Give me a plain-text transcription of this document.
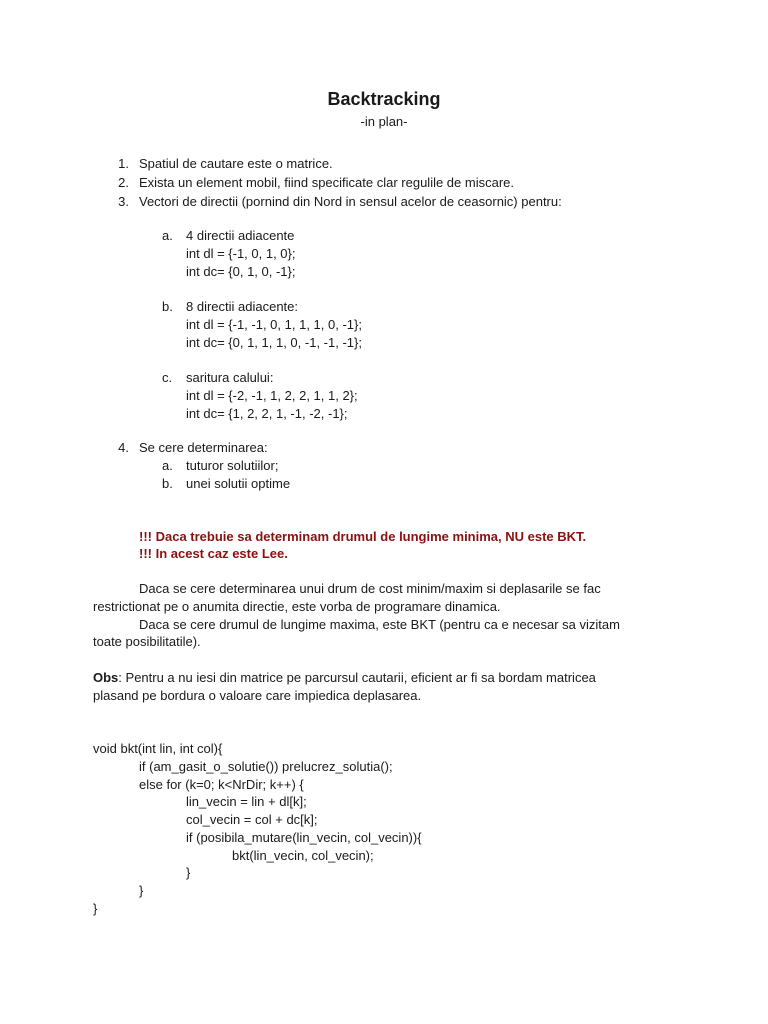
Backtracking
-in plan-
1. Spatiul de cautare este o matrice.
2. Exista un element mobil, fiind specificate clar regulile de miscare.
3. Vectori de directii (pornind din Nord in sensul acelor de ceasornic) pentru:
a. 4 directii adiacente
int dl = {-1, 0, 1, 0};
int dc= {0, 1, 0, -1};
b. 8 directii adiacente:
int dl = {-1, -1, 0, 1, 1, 1, 0, -1};
int dc= {0, 1, 1, 1, 0, -1, -1, -1};
c. saritura calului:
int dl = {-2, -1, 1, 2, 2, 1, 1, 2};
int dc= {1, 2, 2, 1, -1, -2, -1};
4. Se cere determinarea:
a. tuturor solutiilor;
b. unei solutii optime
!!! Daca trebuie sa determinam drumul de lungime minima, NU este BKT.
!!! In acest caz este Lee.
Daca se cere determinarea unui drum de cost minim/maxim si deplasarile se fac
restrictionat pe o anumita directie, este vorba de programare dinamica.
Daca se cere drumul de lungime maxima, este BKT (pentru ca e necesar sa vizitam
toate posibilitatile).
Obs: Pentru a nu iesi din matrice pe parcursul cautarii, eficient ar fi sa bordam matricea
plasand pe bordura o valoare care impiedica deplasarea.
void bkt(int lin, int col){
if (am_gasit_o_solutie()) prelucrez_solutia();
else for (k=0; k<NrDir; k++) {
lin_vecin = lin + dl[k];
col_vecin = col + dc[k];
if (posibila_mutare(lin_vecin, col_vecin)){
bkt(lin_vecin, col_vecin);
}
}
}
